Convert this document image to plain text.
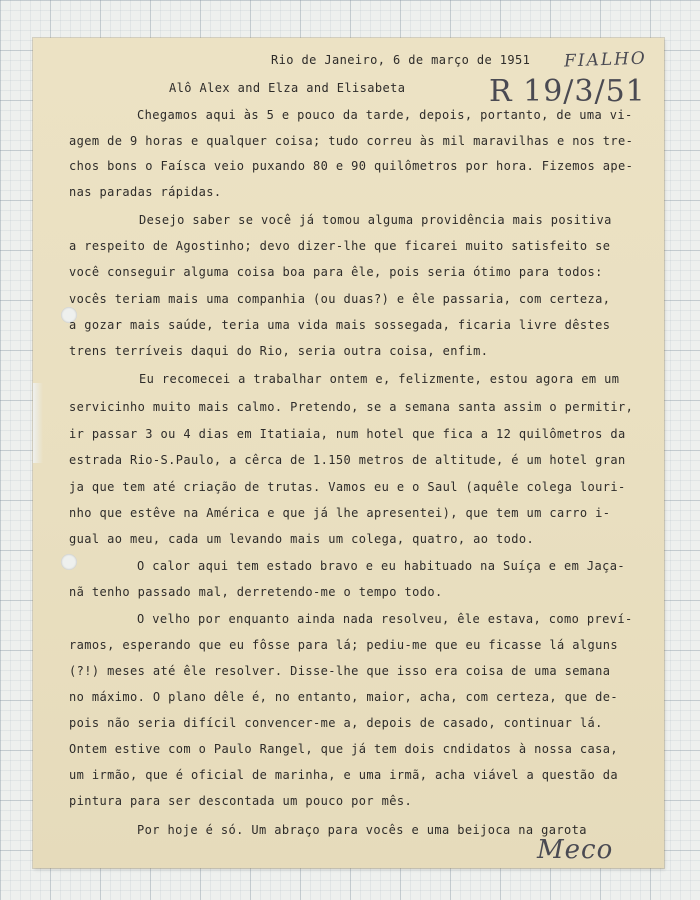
Rio de Janeiro, 6 de março de 1951
Alô Alex and Elza and Elisabeta
FIALHO
R 19/3/51
Chegamos aqui às 5 e pouco da tarde, depois, portanto, de uma vi-
agem de 9 horas e qualquer coisa; tudo correu às mil maravilhas e nos tre-
chos bons o Faísca veio puxando 80 e 90 quilômetros por hora. Fizemos ape-
nas paradas rápidas.
Desejo saber se você já tomou alguma providência mais positiva
a respeito de Agostinho; devo dizer-lhe que ficarei muito satisfeito se
você conseguir alguma coisa boa para êle, pois seria ótimo para todos:
vocês teriam mais uma companhia (ou duas?) e êle passaria, com certeza,
a gozar mais saúde, teria uma vida mais sossegada, ficaria livre dêstes
trens terríveis daqui do Rio, seria outra coisa, enfim.
Eu recomecei a trabalhar ontem e, felizmente, estou agora em um
servicinho muito mais calmo. Pretendo, se a semana santa assim o permitir,
ir passar 3 ou 4 dias em Itatiaia, num hotel que fica a 12 quilômetros da
estrada Rio-S.Paulo, a cêrca de 1.150 metros de altitude, é um hotel gran
ja que tem até criação de trutas. Vamos eu e o Saul (aquêle colega louri-
nho que estêve na América e que já lhe apresentei), que tem um carro i-
gual ao meu, cada um levando mais um colega, quatro, ao todo.
O calor aqui tem estado bravo e eu habituado na Suíça e em Jaça-
nã tenho passado mal, derretendo-me o tempo todo.
O velho por enquanto ainda nada resolveu, êle estava, como prevı́-
ramos, esperando que eu fôsse para lá; pediu-me que eu ficasse lá alguns
(?!) meses até êle resolver. Disse-lhe que isso era coisa de uma semana
no máximo. O plano dêle é, no entanto, maior, acha, com certeza, que de-
pois não seria difícil convencer-me a, depois de casado, continuar lá.
Ontem estive com o Paulo Rangel, que já tem dois cndidatos à nossa casa,
um irmão, que é oficial de marinha, e uma irmã, acha viável a questão da
pintura para ser descontada um pouco por mês.
Por hoje é só. Um abraço para vocês e uma beijoca na garota
Meco
